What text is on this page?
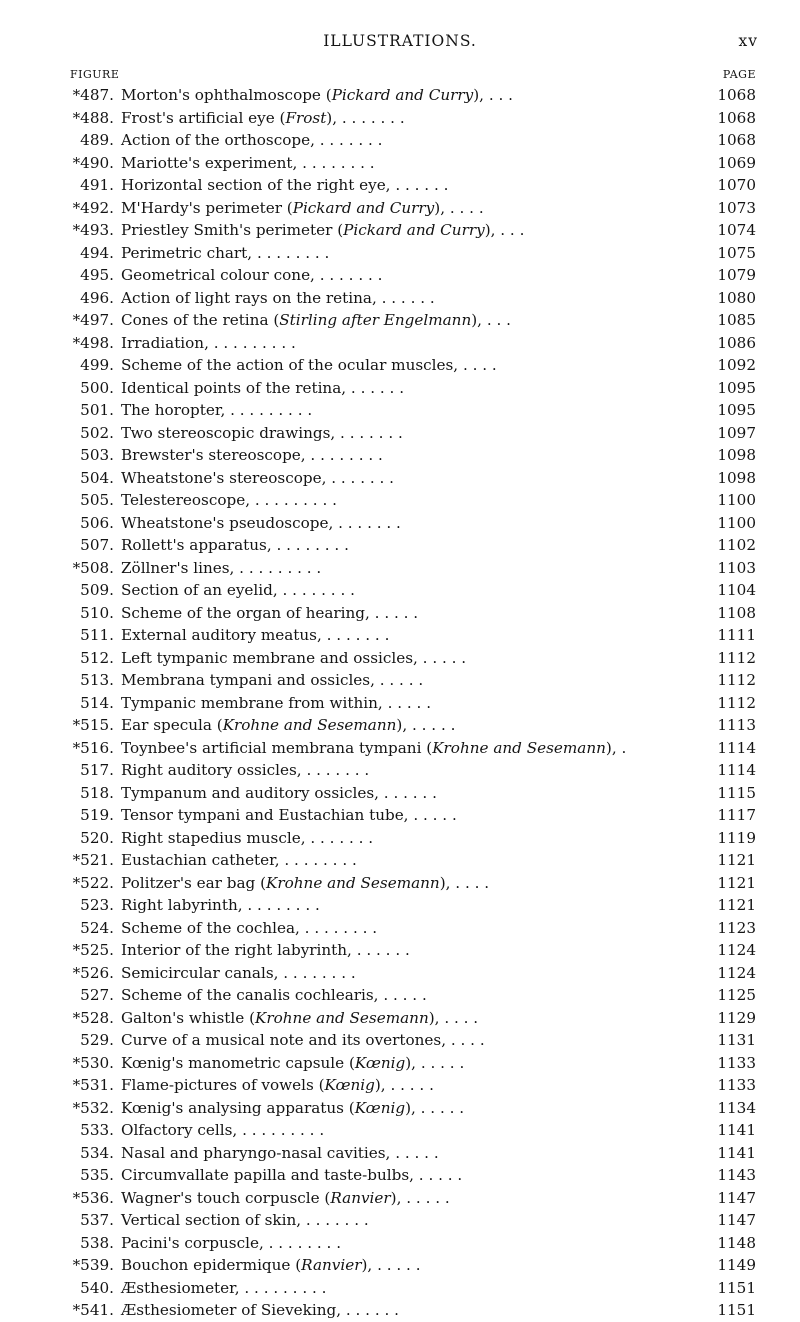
ILLUSTRATIONS.	xv
FIGURE	PAGE
*487. Morton's ophthalmoscope (Pickard and Curry), . . .	1068
*488. Frost's artificial eye (Frost), . . . . . . .	1068
489. Action of the orthoscope, . . . . . . .	1068
*490. Mariotte's experiment, . . . . . . . .	1069
491. Horizontal section of the right eye, . . . . . .	1070
*492. M'Hardy's perimeter (Pickard and Curry), . . . .	1073
*493. Priestley Smith's perimeter (Pickard and Curry), . . .	1074
494. Perimetric chart, . . . . . . . .	1075
495. Geometrical colour cone, . . . . . . .	1079
496. Action of light rays on the retina, . . . . . .	1080
*497. Cones of the retina (Stirling after Engelmann), . . .	1085
*498. Irradiation, . . . . . . . . .	1086
499. Scheme of the action of the ocular muscles, . . . .	1092
500. Identical points of the retina, . . . . . .	1095
501. The horopter, . . . . . . . . .	1095
502. Two stereoscopic drawings, . . . . . . .	1097
503. Brewster's stereoscope, . . . . . . . .	1098
504. Wheatstone's stereoscope, . . . . . . .	1098
505. Telestereoscope, . . . . . . . . .	1100
506. Wheatstone's pseudoscope, . . . . . . .	1100
507. Rollett's apparatus, . . . . . . . .	1102
*508. Zöllner's lines, . . . . . . . . .	1103
509. Section of an eyelid, . . . . . . . .	1104
510. Scheme of the organ of hearing, . . . . .	1108
511. External auditory meatus, . . . . . . .	1111
512. Left tympanic membrane and ossicles, . . . . .	1112
513. Membrana tympani and ossicles, . . . . .	1112
514. Tympanic membrane from within, . . . . .	1112
*515. Ear specula (Krohne and Sesemann), . . . . .	1113
*516. Toynbee's artificial membrana tympani (Krohne and Sesemann), .	1114
517. Right auditory ossicles, . . . . . . .	1114
518. Tympanum and auditory ossicles, . . . . . .	1115
519. Tensor tympani and Eustachian tube, . . . . .	1117
520. Right stapedius muscle, . . . . . . .	1119
*521. Eustachian catheter, . . . . . . . .	1121
*522. Politzer's ear bag (Krohne and Sesemann), . . . .	1121
523. Right labyrinth, . . . . . . . .	1121
524. Scheme of the cochlea, . . . . . . . .	1123
*525. Interior of the right labyrinth, . . . . . .	1124
*526. Semicircular canals, . . . . . . . .	1124
527. Scheme of the canalis cochlearis, . . . . .	1125
*528. Galton's whistle (Krohne and Sesemann), . . . .	1129
529. Curve of a musical note and its overtones, . . . .	1131
*530. Kœnig's manometric capsule (Kœnig), . . . . .	1133
*531. Flame-pictures of vowels (Kœnig), . . . . .	1133
*532. Kœnig's analysing apparatus (Kœnig), . . . . .	1134
533. Olfactory cells, . . . . . . . . .	1141
534. Nasal and pharyngo-nasal cavities, . . . . .	1141
535. Circumvallate papilla and taste-bulbs, . . . . .	1143
*536. Wagner's touch corpuscle (Ranvier), . . . . .	1147
537. Vertical section of skin, . . . . . . .	1147
538. Pacini's corpuscle, . . . . . . . .	1148
*539. Bouchon epidermique (Ranvier), . . . . .	1149
540. Æsthesiometer, . . . . . . . . .	1151
*541. Æsthesiometer of Sieveking, . . . . . .	1151
